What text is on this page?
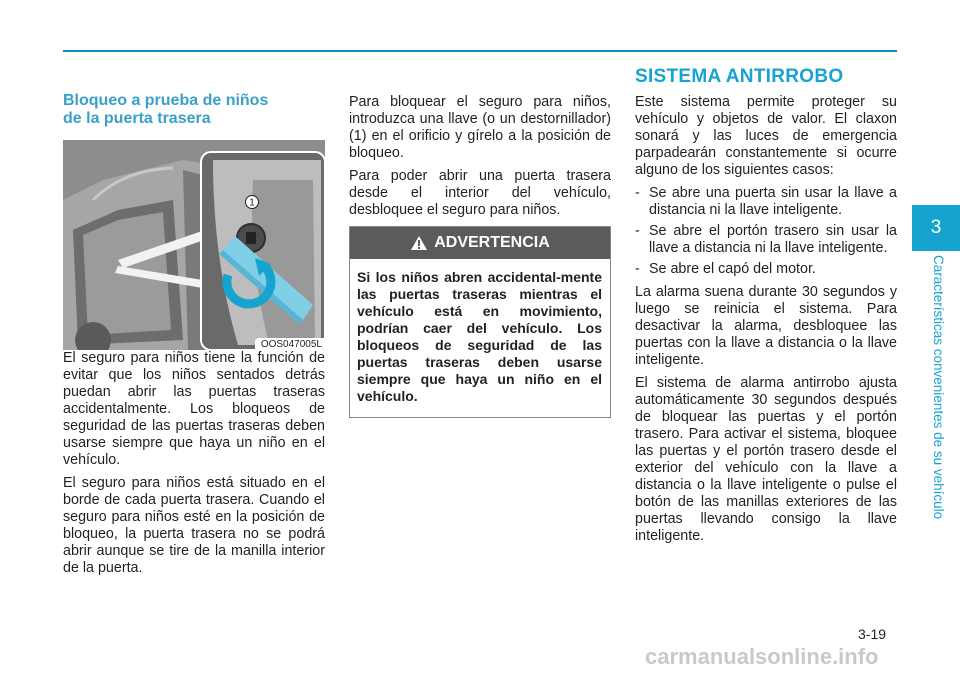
SISTEMA ANTIRROBO
Bloqueo a prueba de niños
de la puerta trasera

El seguro para niños tiene la función de evitar que los niños sentados detrás puedan abrir las puertas traseras accidentalmente. Los bloqueos de seguridad de las puertas traseras deben usarse siempre que haya un niño en el vehículo.

El seguro para niños está situado en el borde de cada puerta trasera. Cuando el seguro para niños esté en la posición de bloqueo, la puerta trasera no se podrá abrir aunque se tire de la manilla interior de la puerta.

1
OOS047005L

Para bloquear el seguro para niños, introduzca una llave (o un destornillador) (1) en el orificio y gírelo a la posición de bloqueo.

Para poder abrir una puerta trasera desde el interior del vehículo, desbloquee el seguro para niños.

ADVERTENCIA
Si los niños abren accidental-mente las puertas traseras mientras el vehículo está en movimiento, podrían caer del vehículo. Los bloqueos de seguridad de las puertas traseras deben usarse siempre que haya un niño en el vehículo.

Este sistema permite proteger su vehículo y objetos de valor. El claxon sonará y las luces de emergencia parpadearán constantemente si ocurre alguno de los siguientes casos:

- Se abre una puerta sin usar la llave a distancia ni la llave inteligente.
- Se abre el portón trasero sin usar la llave a distancia ni la llave inteligente.
- Se abre el capó del motor.

La alarma suena durante 30 segundos y luego se reinicia el sistema. Para desactivar la alarma, desbloquee las puertas con la llave a distancia o la llave inteligente.

El sistema de alarma antirrobo ajusta automáticamente 30 segundos después de bloquear las puertas y el portón trasero. Para activar el sistema, bloquee las puertas y el portón trasero desde el exterior del vehículo con la llave a distancia o la llave inteligente o pulse el botón de las manillas exteriores de las puertas llevando consigo la llave inteligente.

3
Características convenientes de su vehículo
3-19
carmanualsonline.info
